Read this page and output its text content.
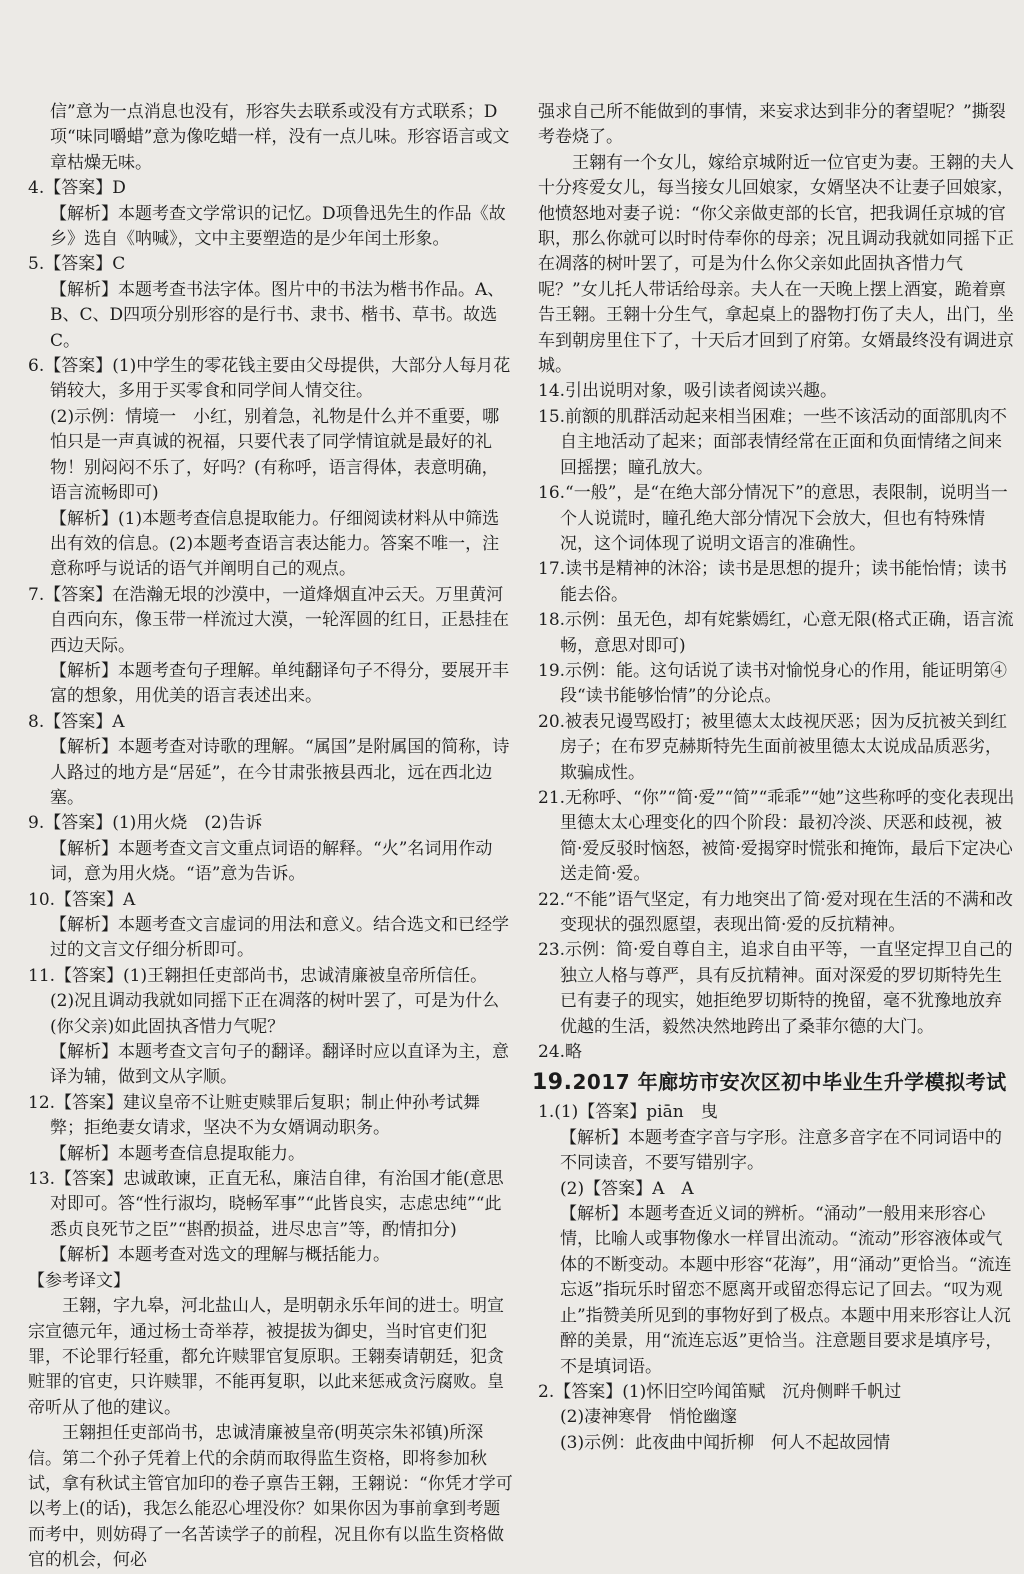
信”意为一点消息也没有，形容失去联系或没有方式联系；D项“味同嚼蜡”意为像吃蜡一样，没有一点儿味。形容语言或文章枯燥无味。

4.【答案】D

【解析】本题考查文学常识的记忆。D项鲁迅先生的作品《故乡》选自《呐喊》，文中主要塑造的是少年闰土形象。

5.【答案】C

【解析】本题考查书法字体。图片中的书法为楷书作品。A、B、C、D四项分别形容的是行书、隶书、楷书、草书。故选C。

6.【答案】(1)中学生的零花钱主要由父母提供，大部分人每月花销较大，多用于买零食和同学间人情交往。

(2)示例：情境一　小红，别着急，礼物是什么并不重要，哪怕只是一声真诚的祝福，只要代表了同学情谊就是最好的礼物！别闷闷不乐了，好吗？(有称呼，语言得体，表意明确，语言流畅即可)

【解析】(1)本题考查信息提取能力。仔细阅读材料从中筛选出有效的信息。(2)本题考查语言表达能力。答案不唯一，注意称呼与说话的语气并阐明自己的观点。

7.【答案】在浩瀚无垠的沙漠中，一道烽烟直冲云天。万里黄河自西向东，像玉带一样流过大漠，一轮浑圆的红日，正悬挂在西边天际。

【解析】本题考查句子理解。单纯翻译句子不得分，要展开丰富的想象，用优美的语言表述出来。

8.【答案】A

【解析】本题考查对诗歌的理解。“属国”是附属国的简称，诗人路过的地方是“居延”，在今甘肃张掖县西北，远在西北边塞。

9.【答案】(1)用火烧　(2)告诉

【解析】本题考查文言文重点词语的解释。“火”名词用作动词，意为用火烧。“语”意为告诉。

10.【答案】A

【解析】本题考查文言虚词的用法和意义。结合选文和已经学过的文言文仔细分析即可。

11.【答案】(1)王翱担任吏部尚书，忠诚清廉被皇帝所信任。

(2)况且调动我就如同摇下正在凋落的树叶罢了，可是为什么(你父亲)如此固执吝惜力气呢？

【解析】本题考查文言句子的翻译。翻译时应以直译为主，意译为辅，做到文从字顺。

12.【答案】建议皇帝不让赃吏赎罪后复职；制止仲孙考试舞弊；拒绝妻女请求，坚决不为女婿调动职务。

【解析】本题考查信息提取能力。

13.【答案】忠诚敢谏，正直无私，廉洁自律，有治国才能(意思对即可。答“性行淑均，晓畅军事”“此皆良实，志虑忠纯”“此悉贞良死节之臣”“斟酌损益，进尽忠言”等，酌情扣分)

【解析】本题考查对选文的理解与概括能力。

【参考译文】

王翱，字九皋，河北盐山人，是明朝永乐年间的进士。明宣宗宣德元年，通过杨士奇举荐，被提拔为御史，当时官吏们犯罪，不论罪行轻重，都允许赎罪官复原职。王翱奏请朝廷，犯贪赃罪的官吏，只许赎罪，不能再复职，以此来惩戒贪污腐败。皇帝听从了他的建议。

王翱担任吏部尚书，忠诚清廉被皇帝(明英宗朱祁镇)所深信。第二个孙子凭着上代的余荫而取得监生资格，即将参加秋试，拿有秋试主管官加印的卷子禀告王翱，王翱说：“你凭才学可以考上(的话)，我怎么能忍心埋没你？如果你因为事前拿到考题而考中，则妨碍了一名苦读学子的前程，况且你有以监生资格做官的机会，何必

强求自己所不能做到的事情，来妄求达到非分的奢望呢？”撕裂考卷烧了。

王翱有一个女儿，嫁给京城附近一位官吏为妻。王翱的夫人十分疼爱女儿，每当接女儿回娘家，女婿坚决不让妻子回娘家，他愤怒地对妻子说：“你父亲做吏部的长官，把我调任京城的官职，那么你就可以时时侍奉你的母亲；况且调动我就如同摇下正在凋落的树叶罢了，可是为什么你父亲如此固执吝惜力气呢？”女儿托人带话给母亲。夫人在一天晚上摆上酒宴，跪着禀告王翱。王翱十分生气，拿起桌上的器物打伤了夫人，出门，坐车到朝房里住下了，十天后才回到了府第。女婿最终没有调进京城。

14.引出说明对象，吸引读者阅读兴趣。

15.前额的肌群活动起来相当困难；一些不该活动的面部肌肉不自主地活动了起来；面部表情经常在正面和负面情绪之间来回摇摆；瞳孔放大。

16.“一般”，是“在绝大部分情况下”的意思，表限制，说明当一个人说谎时，瞳孔绝大部分情况下会放大，但也有特殊情况，这个词体现了说明文语言的准确性。

17.读书是精神的沐浴；读书是思想的提升；读书能怡情；读书能去俗。

18.示例：虽无色，却有姹紫嫣红，心意无限(格式正确，语言流畅，意思对即可)

19.示例：能。这句话说了读书对愉悦身心的作用，能证明第④段“读书能够怡情”的分论点。

20.被表兄谩骂殴打；被里德太太歧视厌恶；因为反抗被关到红房子；在布罗克赫斯特先生面前被里德太太说成品质恶劣，欺骗成性。

21.无称呼、“你”“简·爱”“简”“乖乖”“她”这些称呼的变化表现出里德太太心理变化的四个阶段：最初冷淡、厌恶和歧视，被简·爱反驳时恼怒，被简·爱揭穿时慌张和掩饰，最后下定决心送走简·爱。

22.“不能”语气坚定，有力地突出了简·爱对现在生活的不满和改变现状的强烈愿望，表现出简·爱的反抗精神。

23.示例：简·爱自尊自主，追求自由平等，一直坚定捍卫自己的独立人格与尊严，具有反抗精神。面对深爱的罗切斯特先生已有妻子的现实，她拒绝罗切斯特的挽留，毫不犹豫地放弃优越的生活，毅然决然地跨出了桑菲尔德的大门。

24.略

19.2017 年廊坊市安次区初中毕业生升学模拟考试

1.(1)【答案】piān　曳

【解析】本题考查字音与字形。注意多音字在不同词语中的不同读音，不要写错别字。

(2)【答案】A　A

【解析】本题考查近义词的辨析。“涌动”一般用来形容心情，比喻人或事物像水一样冒出流动。“流动”形容液体或气体的不断变动。本题中形容“花海”，用“涌动”更恰当。“流连忘返”指玩乐时留恋不愿离开或留恋得忘记了回去。“叹为观止”指赞美所见到的事物好到了极点。本题中用来形容让人沉醉的美景，用“流连忘返”更恰当。注意题目要求是填序号，不是填词语。

2.【答案】(1)怀旧空吟闻笛赋　沉舟侧畔千帆过

(2)凄神寒骨　悄怆幽邃

(3)示例：此夜曲中闻折柳　何人不起故园情
